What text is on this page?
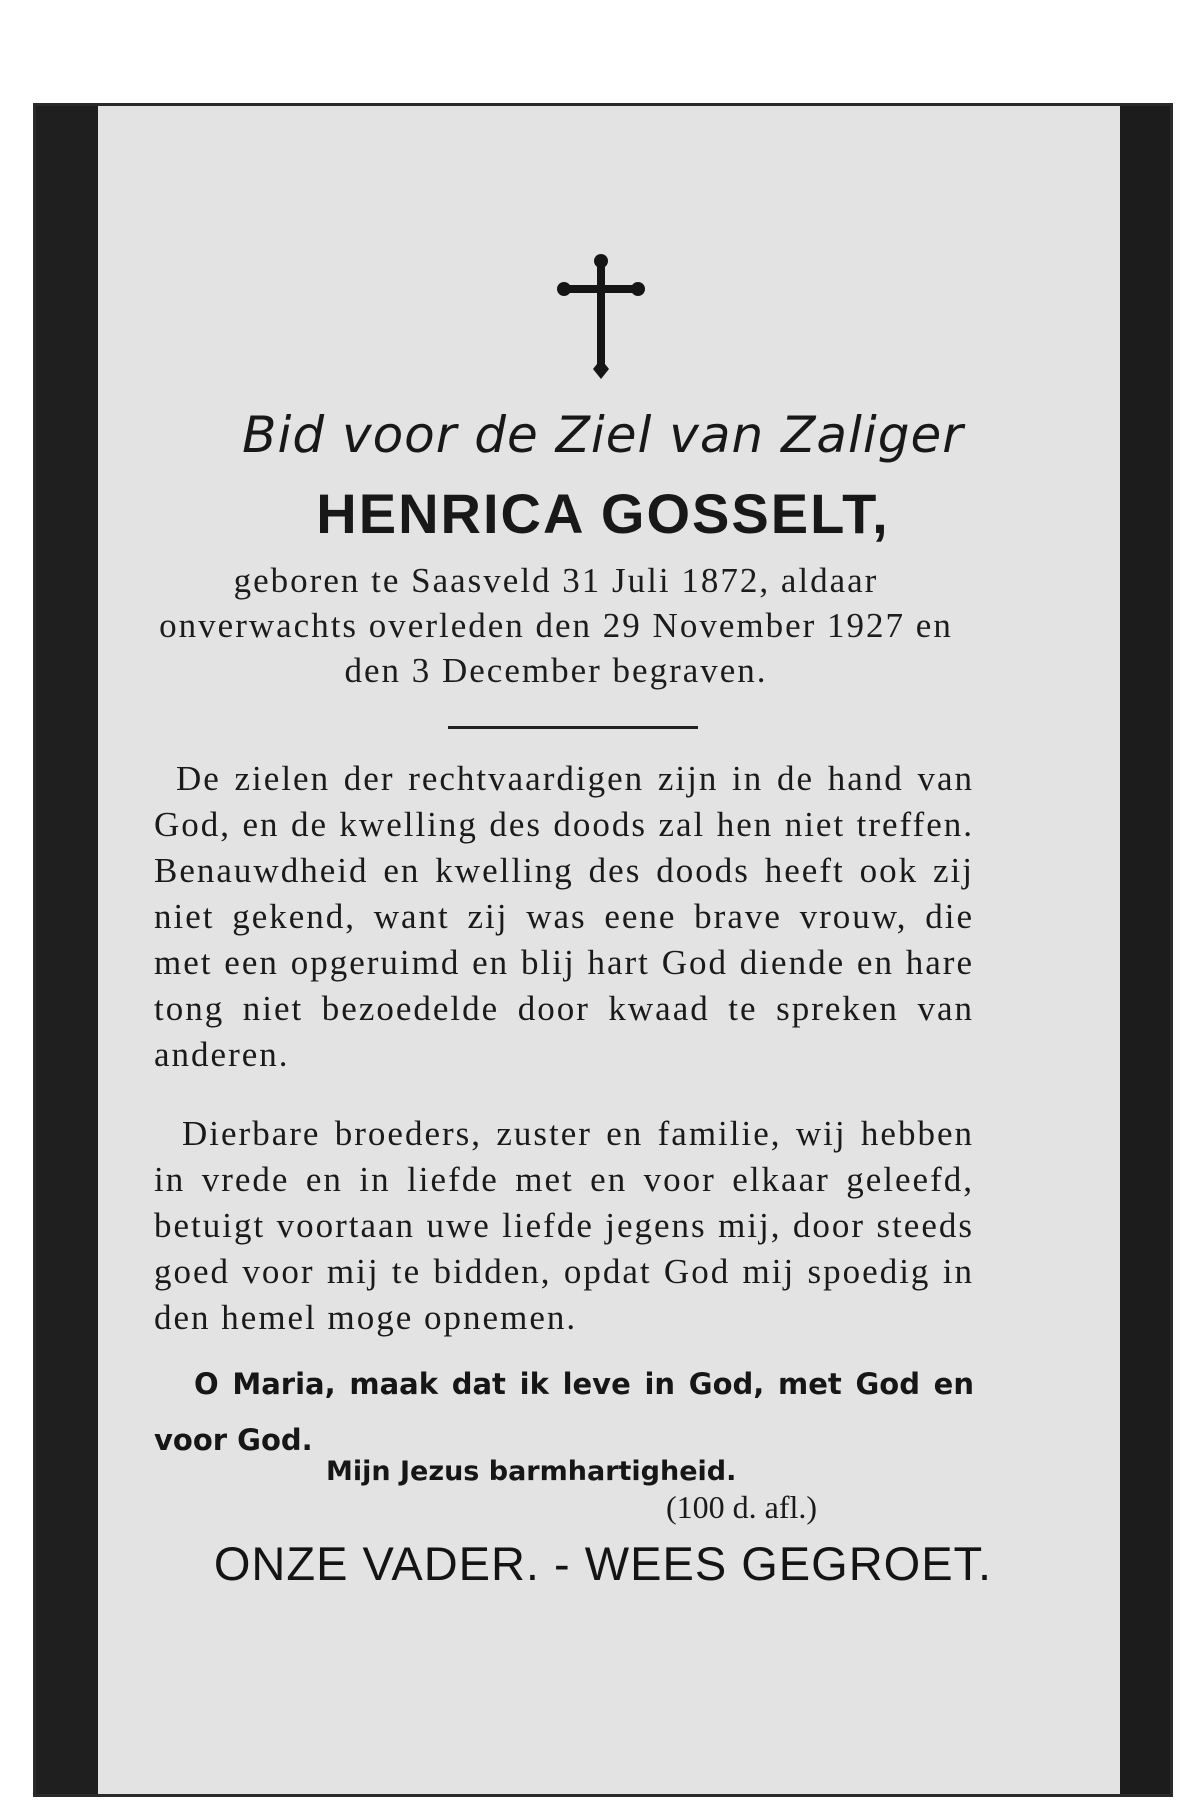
Bid voor de Ziel van Zaliger
HENRICA GOSSELT,
geboren te Saasveld 31 Juli 1872, aldaar onverwachts overleden den 29 November 1927 en den 3 December begraven.
De zielen der rechtvaardigen zijn in de hand van God, en de kwelling des doods zal hen niet treffen. Benauwdheid en kwelling des doods heeft ook zij niet gekend, want zij was eene brave vrouw, die met een opgeruimd en blij hart God diende en hare tong niet bezoedelde door kwaad te spreken van anderen.
Dierbare broeders, zuster en familie, wij hebben in vrede en in liefde met en voor elkaar geleefd, betuigt voortaan uwe liefde jegens mij, door steeds goed voor mij te bidden, opdat God mij spoedig in den hemel moge opnemen.
O Maria, maak dat ik leve in God, met God en voor God.
Mijn Jezus barmhartigheid.
(100 d. afl.)
ONZE VADER. - WEES GEGROET.
